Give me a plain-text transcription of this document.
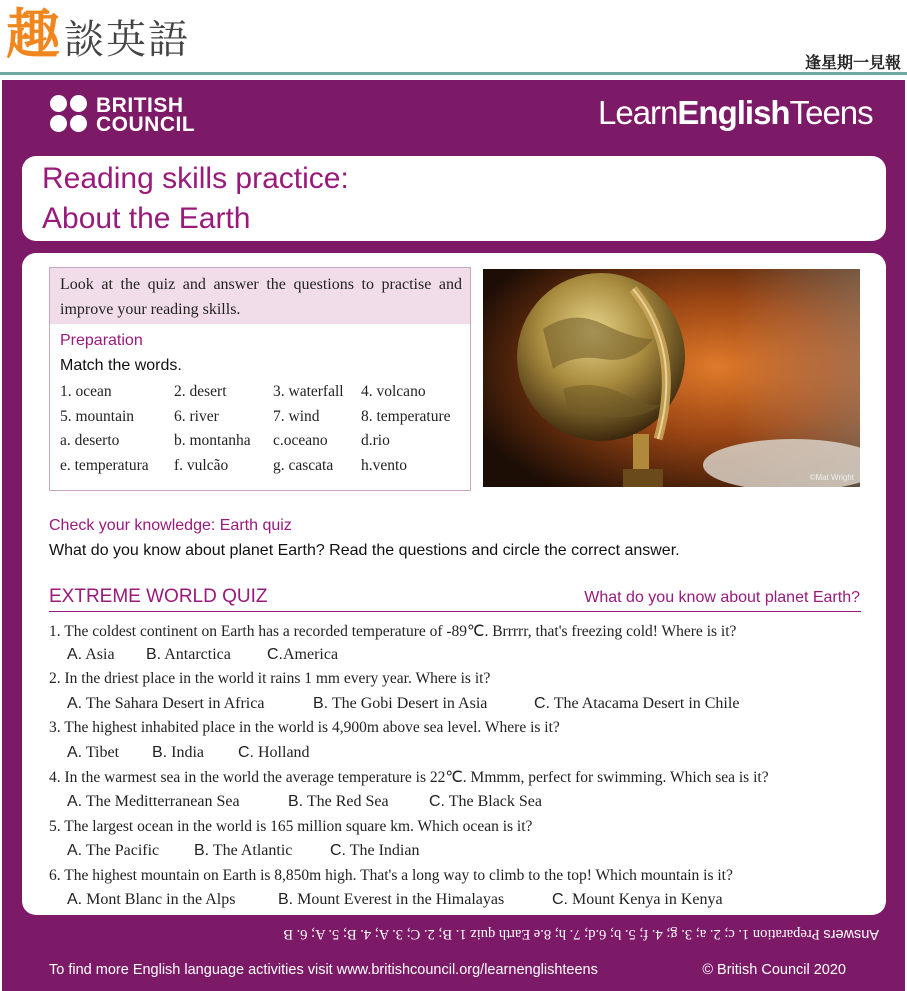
趣 談英語	逢星期一見報
BRITISH
COUNCIL	LearnEnglishTeens
Reading skills practice:
About the Earth
Look at the quiz and answer the questions to practise and improve your reading skills.
Preparation
Match the words.
1. ocean	2. desert	3. waterfall 4. volcano
5. mountain	6. river	7. wind	8. temperature
a. deserto	b. montanha c.oceano d.rio
e. temperatura f. vulcão	g. cascata h.vento
©Mat Wright
Check your knowledge: Earth quiz
What do you know about planet Earth? Read the questions and circle the correct answer.
EXTREME WORLD QUIZ	What do you know about planet Earth?
1. The coldest continent on Earth has a recorded temperature of -89℃. Brrrrr, that's freezing cold! Where is it?
A. Asia B. Antarctica C.America
2. In the driest place in the world it rains 1 mm every year. Where is it?
A. The Sahara Desert in Africa	B. The Gobi Desert in Asia	C. The Atacama Desert in Chile
3. The highest inhabited place in the world is 4,900m above sea level. Where is it?
A. Tibet B. India C. Holland
4. In the warmest sea in the world the average temperature is 22℃. Mmmm, perfect for swimming. Which sea is it?
A. The Meditterranean Sea	B. The Red Sea	C. The Black Sea
5. The largest ocean in the world is 165 million square km. Which ocean is it?
A. The Pacific B. The Atlantic C. The Indian
6. The highest mountain on Earth is 8,850m high. That's a long way to climb to the top! Which mountain is it?
A. Mont Blanc in the Alps	B. Mount Everest in the Himalayas	C. Mount Kenya in Kenya
Answers Preparation 1. c; 2. a; 3. g; 4. f; 5. b; 6.d; 7. h; 8.e Earth quiz 1. B; 2. C; 3. A; 4. B; 5. A; 6. B
To find more English language activities visit www.britishcouncil.org/learnenglishteens	© British Council 2020
